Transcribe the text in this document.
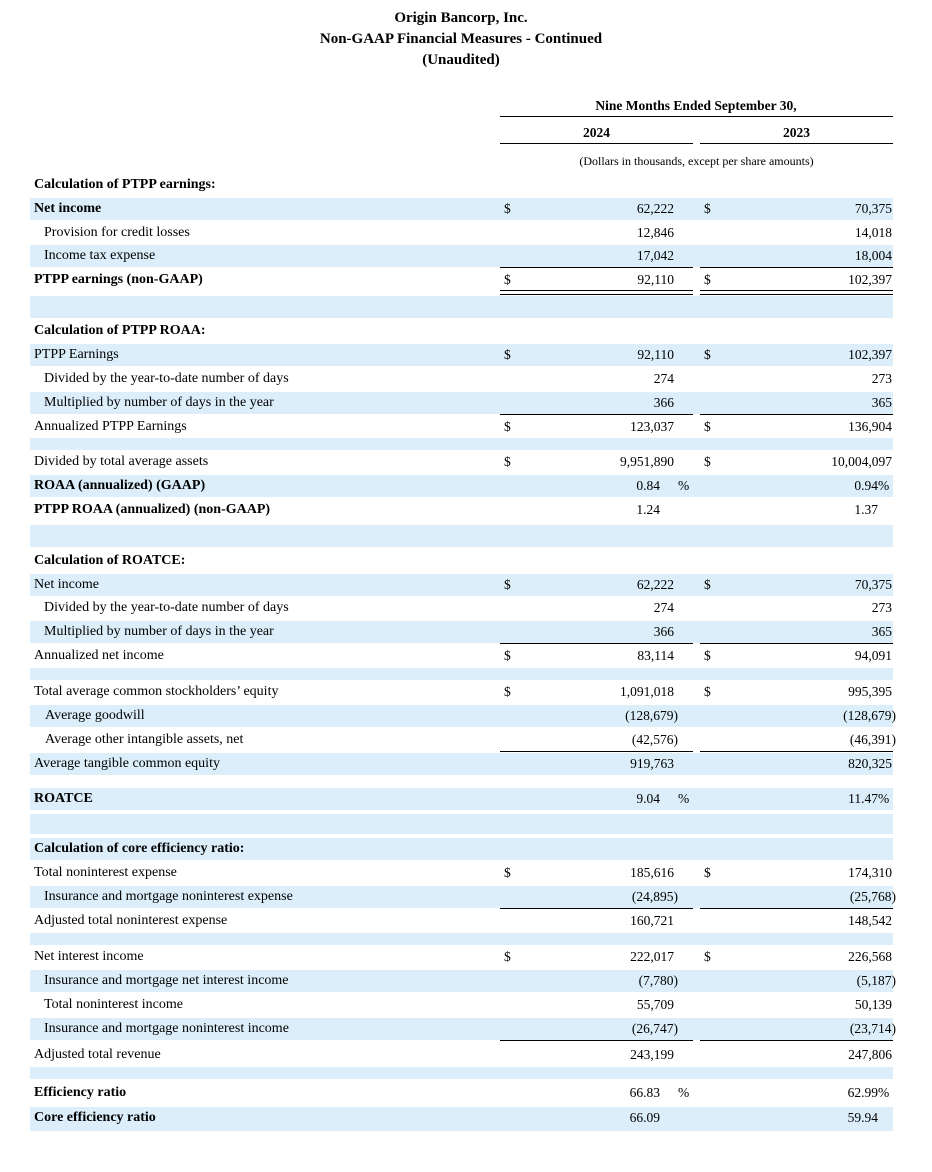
Origin Bancorp, Inc.
Non-GAAP Financial Measures - Continued
(Unaudited)
Nine Months Ended September 30,
2024	2023
(Dollars in thousands, except per share amounts)
Calculation of PTPP earnings:
Net income	$	62,222 $	70,375
Provision for credit losses	12,846	14,018
Income tax expense	17,042	18,004
PTPP earnings (non-GAAP)	$	92,110 $	102,397
Calculation of PTPP ROAA:
PTPP Earnings	$	92,110 $	102,397
Divided by the year-to-date number of days	274	273
Multiplied by number of days in the year	366	365
Annualized PTPP Earnings	$	123,037 $	136,904
Divided by total average assets	$	9,951,890 $	10,004,097
ROAA (annualized) (GAAP)	0.84 %	0.94 %
PTPP ROAA (annualized) (non-GAAP)	1.24	1.37
Calculation of ROATCE:
Net income	$	62,222 $	70,375
Divided by the year-to-date number of days	274	273
Multiplied by number of days in the year	366	365
Annualized net income	$	83,114 $	94,091
Total average common stockholders’ equity	$	1,091,018 $	995,395
Average goodwill	(128,679)	(128,679)
Average other intangible assets, net	(42,576)	(46,391)
Average tangible common equity	919,763	820,325
ROATCE	9.04 %	11.47 %
Calculation of core efficiency ratio:
Total noninterest expense	$	185,616 $	174,310
Insurance and mortgage noninterest expense	(24,895)	(25,768)
Adjusted total noninterest expense	160,721	148,542
Net interest income	$	222,017 $	226,568
Insurance and mortgage net interest income	(7,780)	(5,187)
Total noninterest income	55,709	50,139
Insurance and mortgage noninterest income	(26,747)	(23,714)
Adjusted total revenue	243,199	247,806
Efficiency ratio	66.83 %	62.99 %
Core efficiency ratio	66.09	59.94
